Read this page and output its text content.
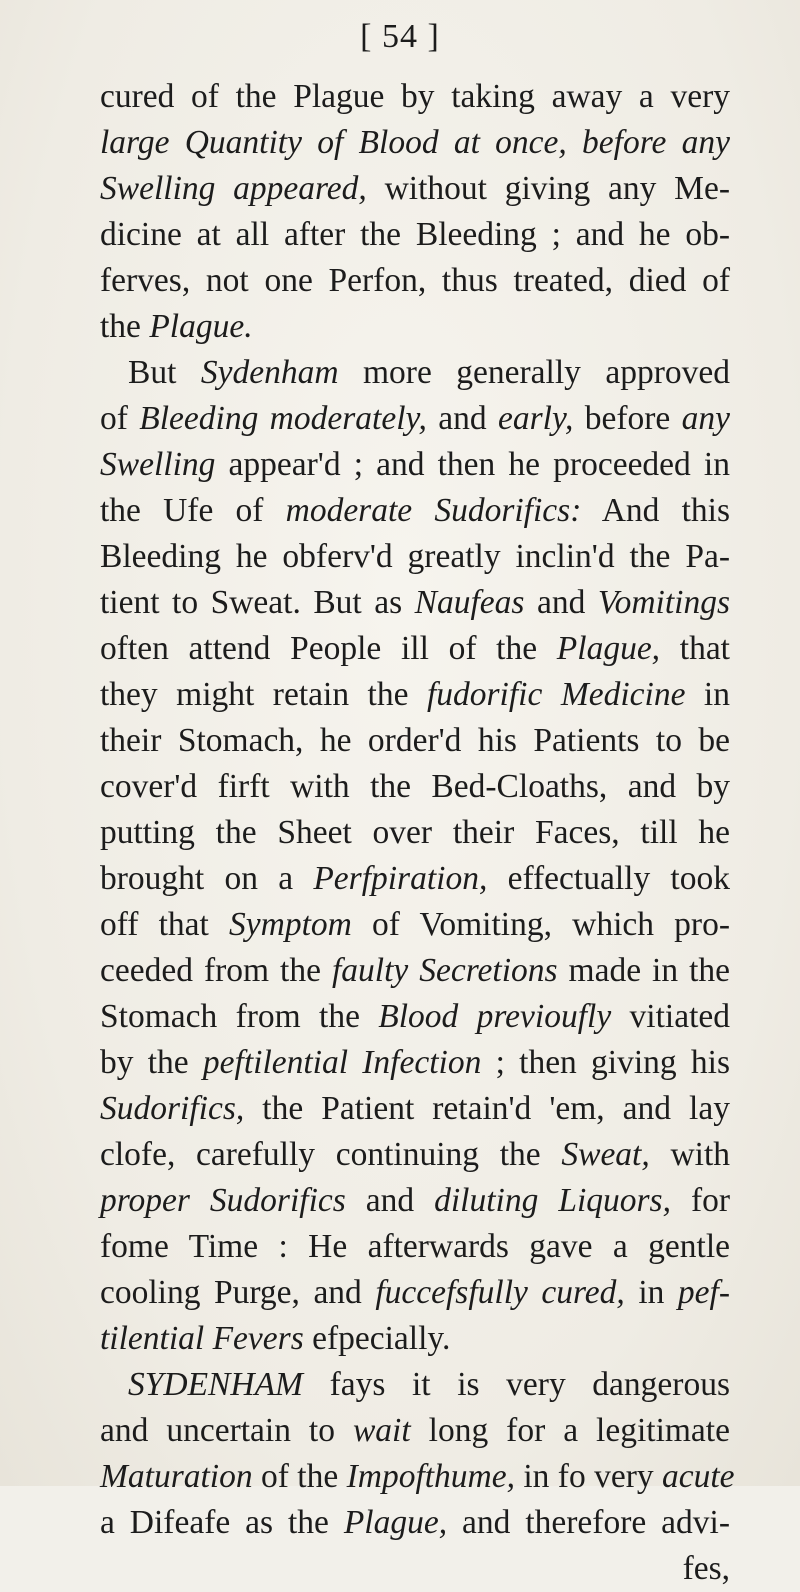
[ 54 ]
cured of the Plague by taking away a very
large Quantity of Blood at once, before any
Swelling appeared, without giving any Me-
dicine at all after the Bleeding ; and he ob-
ferves, not one Perfon, thus treated, died of
the Plague.
But Sydenham more generally approved
of Bleeding moderately, and early, before any
Swelling appear'd ; and then he proceeded in
the Ufe of moderate Sudorifics: And this
Bleeding he obferv'd greatly inclin'd the Pa-
tient to Sweat. But as Naufeas and Vomitings
often attend People ill of the Plague, that
they might retain the fudorific Medicine in
their Stomach, he order'd his Patients to be
cover'd firft with the Bed-Cloaths, and by
putting the Sheet over their Faces, till he
brought on a Perfpiration, effectually took
off that Symptom of Vomiting, which pro-
ceeded from the faulty Secretions made in the
Stomach from the Blood previoufly vitiated
by the peftilential Infection ; then giving his
Sudorifics, the Patient retain'd 'em, and lay
clofe, carefully continuing the Sweat, with
proper Sudorifics and diluting Liquors, for
fome Time : He afterwards gave a gentle
cooling Purge, and fuccefsfully cured, in pef-
tilential Fevers efpecially.
SYDENHAM fays it is very dangerous
and uncertain to wait long for a legitimate
Maturation of the Impofthume, in fo very acute
a Difeafe as the Plague, and therefore advi-
fes,
